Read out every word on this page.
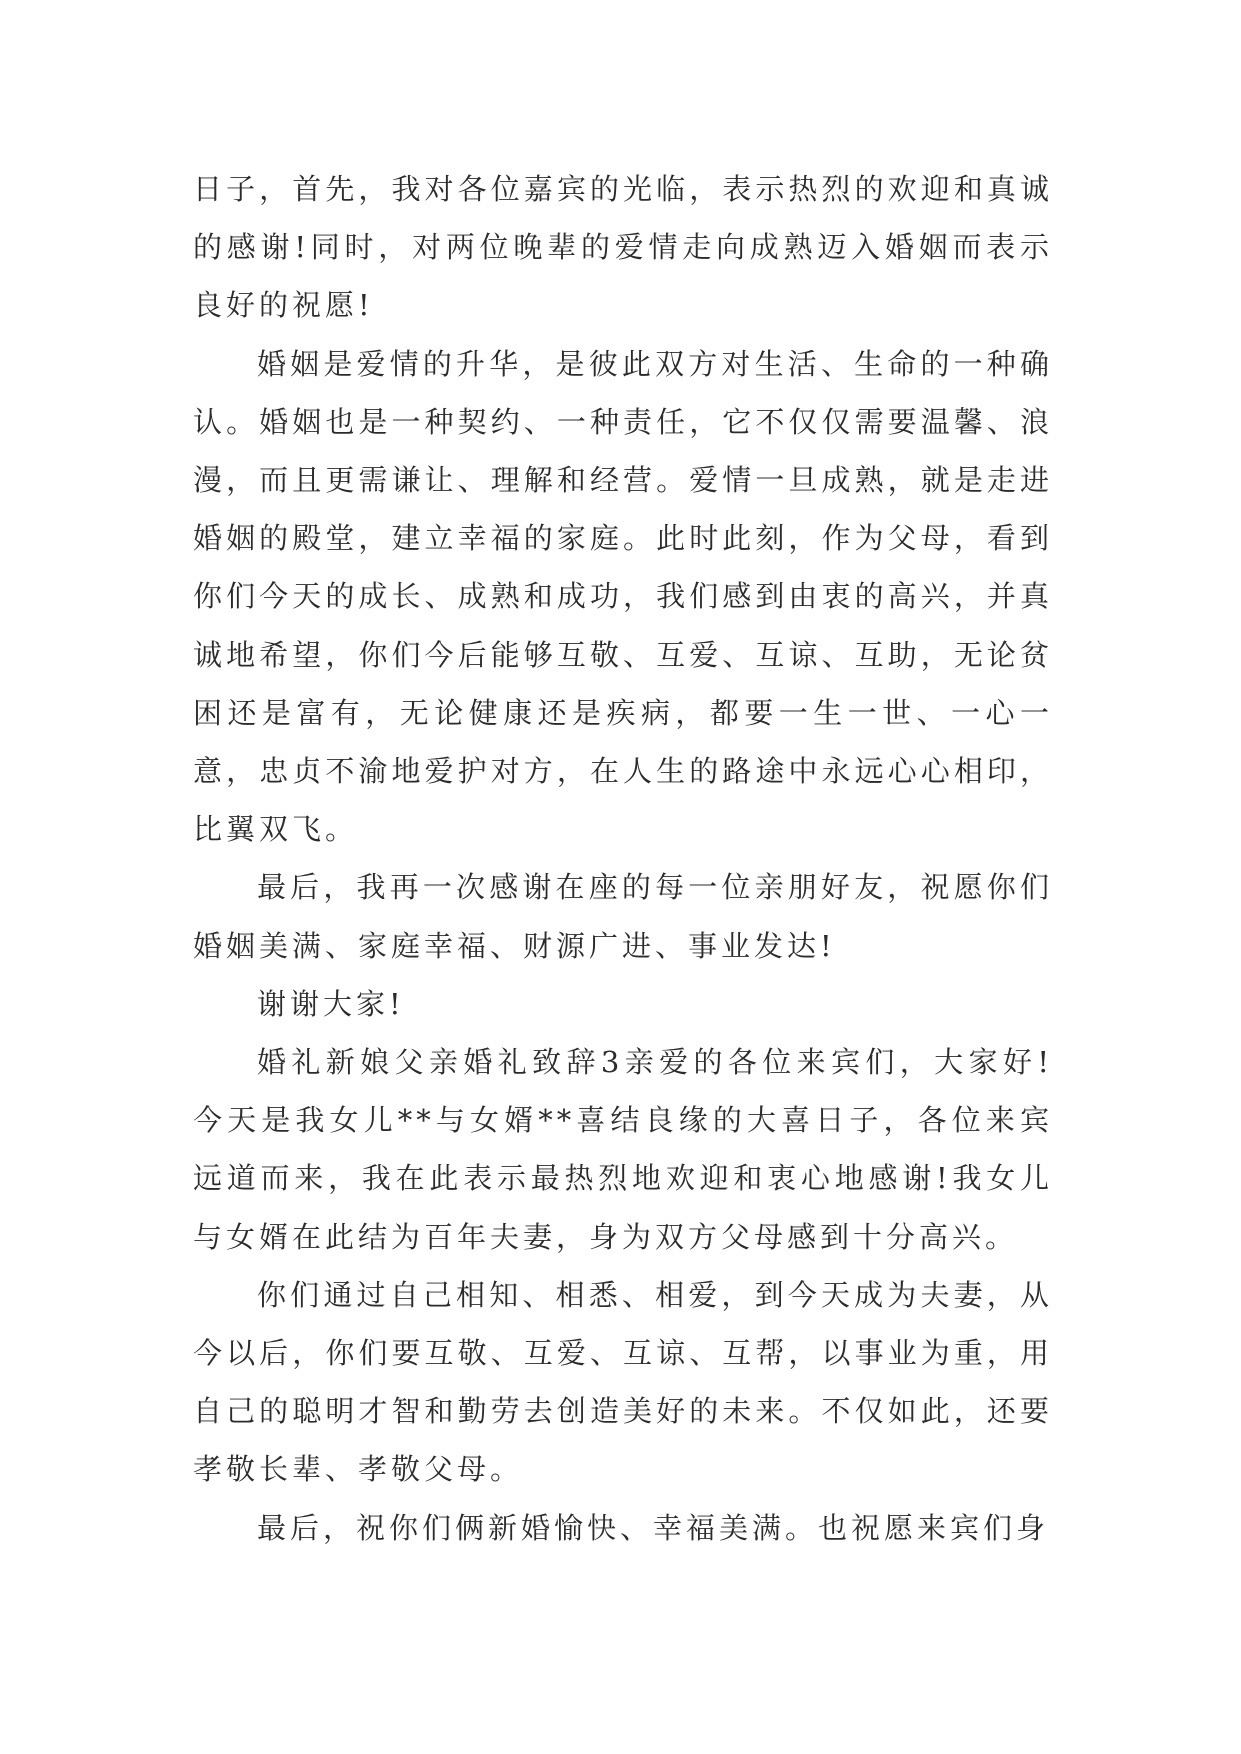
日子，首先，我对各位嘉宾的光临，表示热烈的欢迎和真诚的感谢!同时，对两位晚辈的爱情走向成熟迈入婚姻而表示良好的祝愿!

婚姻是爱情的升华，是彼此双方对生活、生命的一种确认。婚姻也是一种契约、一种责任，它不仅仅需要温馨、浪漫，而且更需谦让、理解和经营。爱情一旦成熟，就是走进婚姻的殿堂，建立幸福的家庭。此时此刻，作为父母，看到你们今天的成长、成熟和成功，我们感到由衷的高兴，并真诚地希望，你们今后能够互敬、互爱、互谅、互助，无论贫困还是富有，无论健康还是疾病，都要一生一世、一心一意，忠贞不渝地爱护对方，在人生的路途中永远心心相印，比翼双飞。

最后，我再一次感谢在座的每一位亲朋好友，祝愿你们婚姻美满、家庭幸福、财源广进、事业发达!

谢谢大家!

婚礼新娘父亲婚礼致辞3亲爱的各位来宾们，大家好!今天是我女儿**与女婿**喜结良缘的大喜日子，各位来宾远道而来，我在此表示最热烈地欢迎和衷心地感谢!我女儿与女婿在此结为百年夫妻，身为双方父母感到十分高兴。

你们通过自己相知、相悉、相爱，到今天成为夫妻，从今以后，你们要互敬、互爱、互谅、互帮，以事业为重，用自己的聪明才智和勤劳去创造美好的未来。不仅如此，还要孝敬长辈、孝敬父母。

最后，祝你们俩新婚愉快、幸福美满。也祝愿来宾们身
